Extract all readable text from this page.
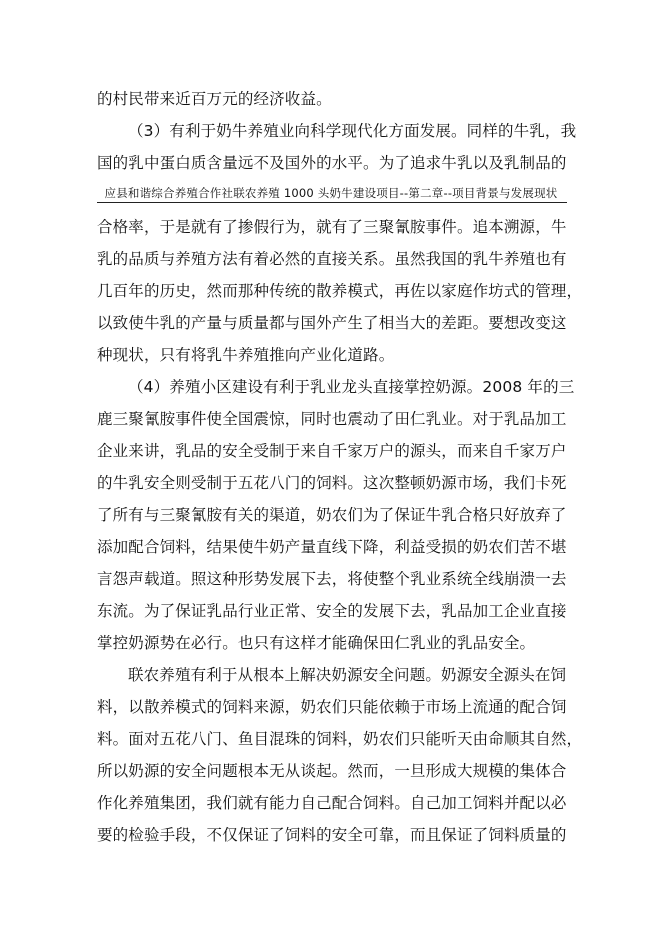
的村民带来近百万元的经济收益。
（3）有利于奶牛养殖业向科学现代化方面发展。同样的牛乳，我
国的乳中蛋白质含量远不及国外的水平。为了追求牛乳以及乳制品的
应县和谐综合养殖合作社联农养殖 1000 头奶牛建设项目--第二章--项目背景与发展现状
合格率，于是就有了掺假行为，就有了三聚氰胺事件。追本溯源，牛
乳的品质与养殖方法有着必然的直接关系。虽然我国的乳牛养殖也有
几百年的历史，然而那种传统的散养模式，再佐以家庭作坊式的管理，
以致使牛乳的产量与质量都与国外产生了相当大的差距。要想改变这
种现状，只有将乳牛养殖推向产业化道路。
（4）养殖小区建设有利于乳业龙头直接掌控奶源。2008 年的三
鹿三聚氰胺事件使全国震惊，同时也震动了田仁乳业。对于乳品加工
企业来讲，乳品的安全受制于来自千家万户的源头，而来自千家万户
的牛乳安全则受制于五花八门的饲料。这次整顿奶源市场，我们卡死
了所有与三聚氰胺有关的渠道，奶农们为了保证牛乳合格只好放弃了
添加配合饲料，结果使牛奶产量直线下降，利益受损的奶农们苦不堪
言怨声载道。照这种形势发展下去，将使整个乳业系统全线崩溃一去
东流。为了保证乳品行业正常、安全的发展下去，乳品加工企业直接
掌控奶源势在必行。也只有这样才能确保田仁乳业的乳品安全。
联农养殖有利于从根本上解决奶源安全问题。奶源安全源头在饲
料，以散养模式的饲料来源，奶农们只能依赖于市场上流通的配合饲
料。面对五花八门、鱼目混珠的饲料，奶农们只能听天由命顺其自然，
所以奶源的安全问题根本无从谈起。然而，一旦形成大规模的集体合
作化养殖集团，我们就有能力自己配合饲料。自己加工饲料并配以必
要的检验手段，不仅保证了饲料的安全可靠，而且保证了饲料质量的
